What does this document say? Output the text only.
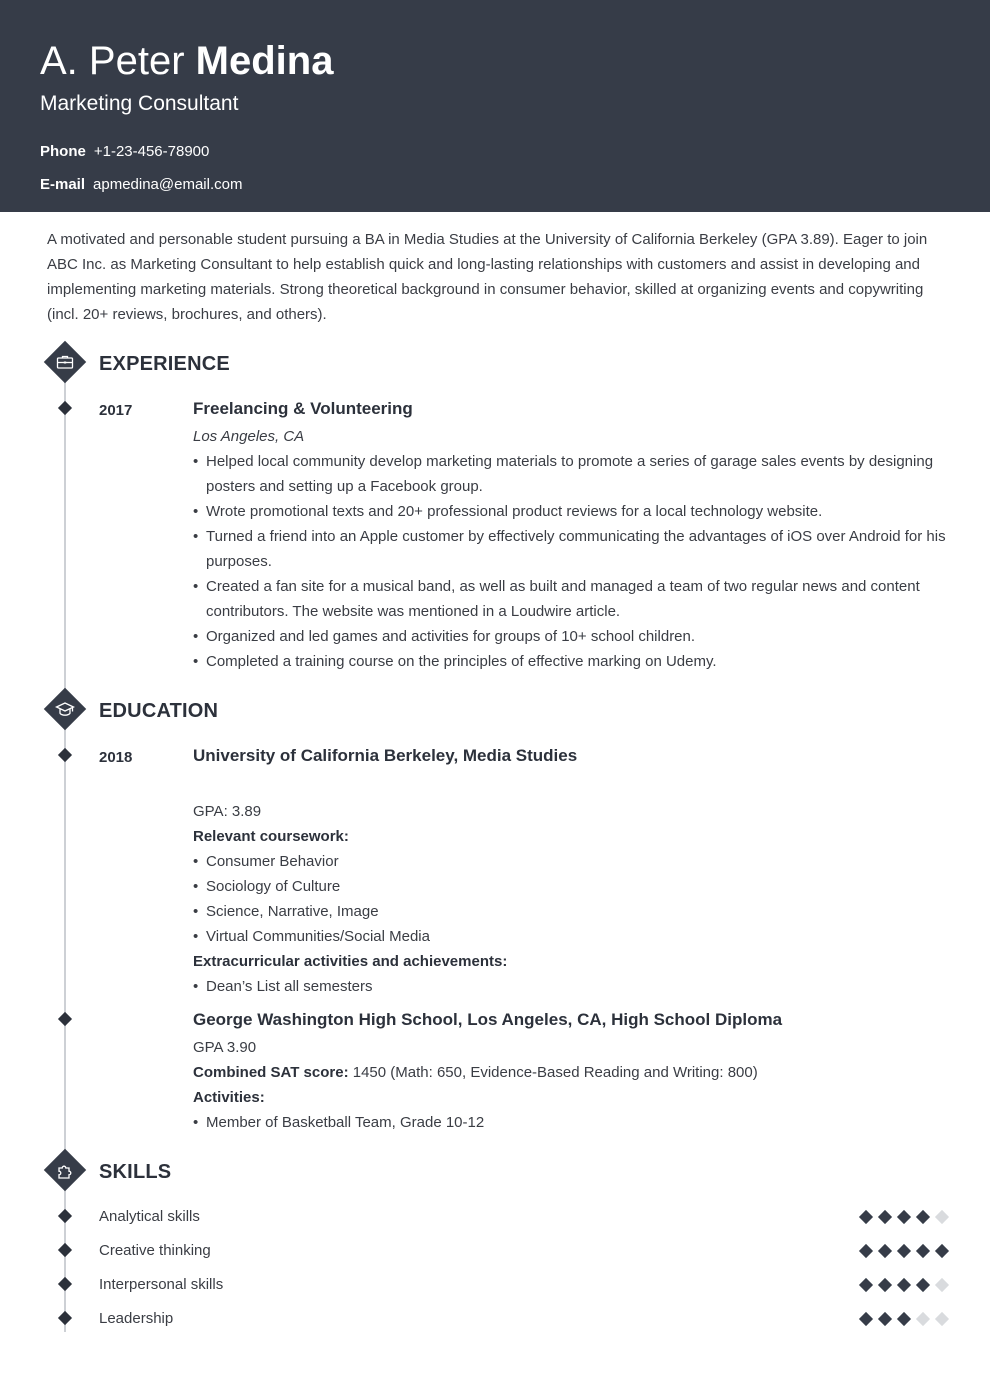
A. Peter Medina
Marketing Consultant
Phone +1-23-456-78900
E-mail apmedina@email.com

A motivated and personable student pursuing a BA in Media Studies at the University of California Berkeley (GPA 3.89). Eager to join ABC Inc. as Marketing Consultant to help establish quick and long-lasting relationships with customers and assist in developing and implementing marketing materials. Strong theoretical background in consumer behavior, skilled at organizing events and copywriting (incl. 20+ reviews, brochures, and others).

EXPERIENCE
2017	Freelancing & Volunteering
Los Angeles, CA
• Helped local community develop marketing materials to promote a series of garage sales events by designing posters and setting up a Facebook group.
• Wrote promotional texts and 20+ professional product reviews for a local technology website.
• Turned a friend into an Apple customer by effectively communicating the advantages of iOS over Android for his purposes.
• Created a fan site for a musical band, as well as built and managed a team of two regular news and content contributors. The website was mentioned in a Loudwire article.
• Organized and led games and activities for groups of 10+ school children.
• Completed a training course on the principles of effective marking on Udemy.
EDUCATION
2018	University of California Berkeley, Media Studies
GPA: 3.89
Relevant coursework:
• Consumer Behavior
• Sociology of Culture
• Science, Narrative, Image
• Virtual Communities/Social Media
Extracurricular activities and achievements:
• Dean’s List all semesters
George Washington High School, Los Angeles, CA, High School Diploma
GPA 3.90
Combined SAT score: 1450 (Math: 650, Evidence-Based Reading and Writing: 800)
Activities:
• Member of Basketball Team, Grade 10-12
SKILLS
Analytical skills
Creative thinking
Interpersonal skills
Leadership
